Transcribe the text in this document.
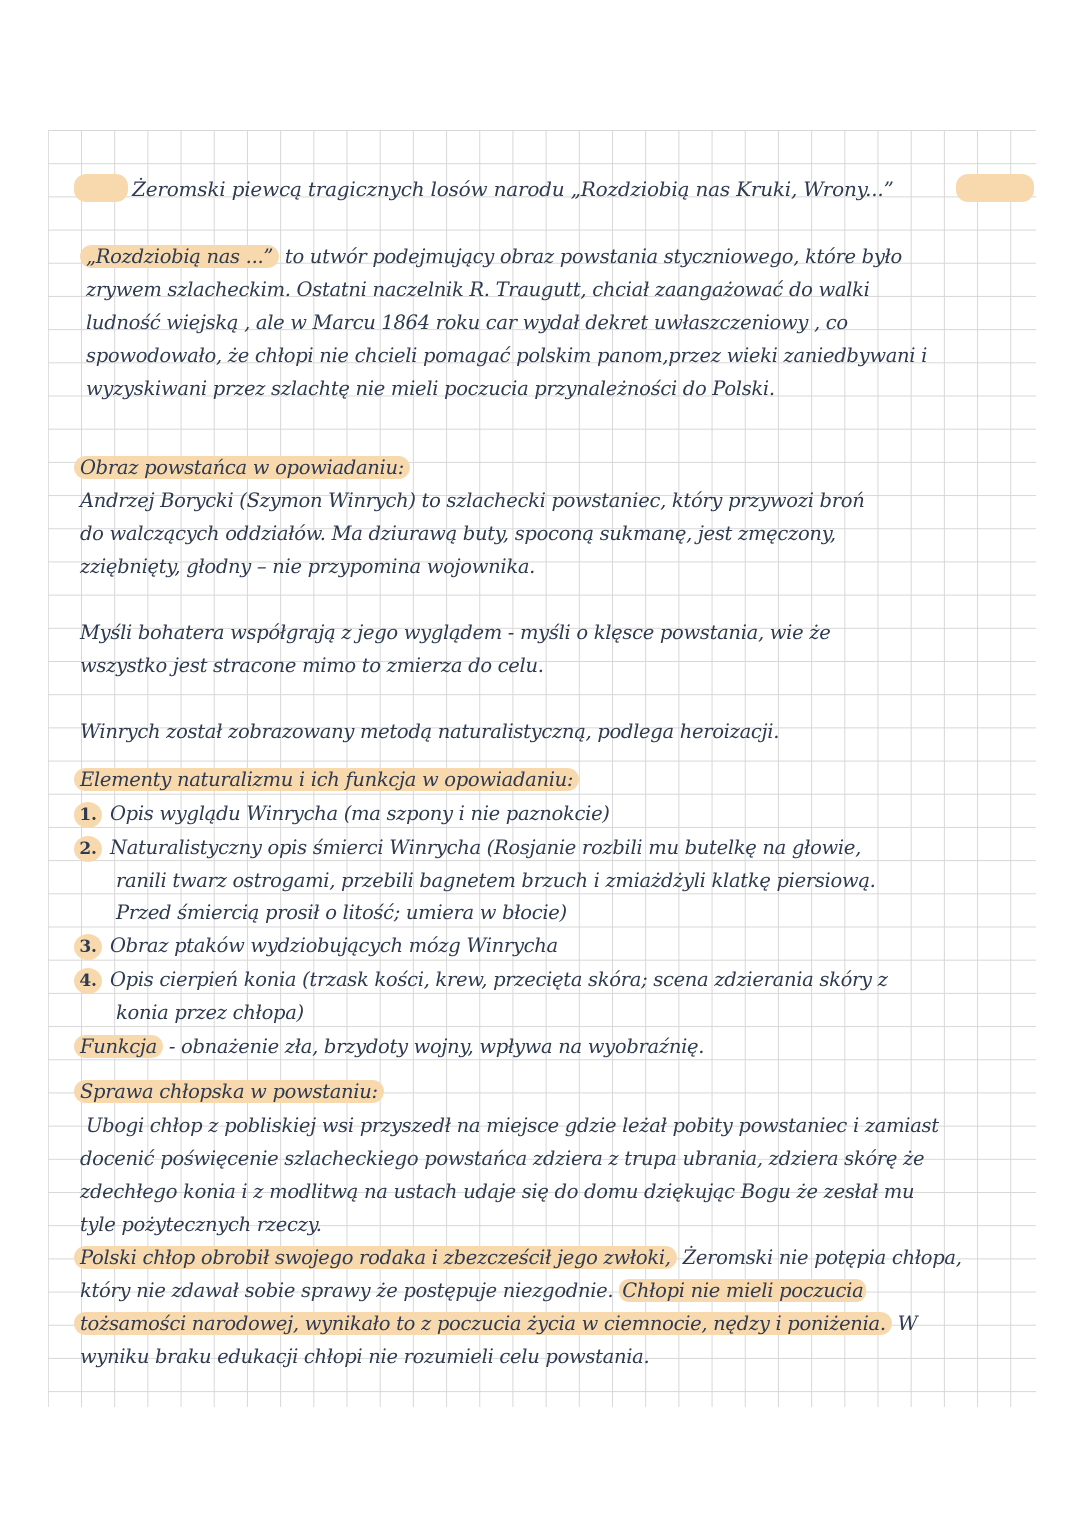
Żeromski piewcą tragicznych losów narodu „Rozdziobią nas Kruki, Wrony...”
„Rozdziobią nas ...” to utwór podejmujący obraz powstania styczniowego, które było
zrywem szlacheckim. Ostatni naczelnik R. Traugutt, chciał zaangażować do walki
ludność wiejską , ale w Marcu 1864 roku car wydał dekret uwłaszczeniowy , co
spowodowało, że chłopi nie chcieli pomagać polskim panom,przez wieki zaniedbywani i
wyzyskiwani przez szlachtę nie mieli poczucia przynależności do Polski.
Obraz powstańca w opowiadaniu:
Andrzej Borycki (Szymon Winrych) to szlachecki powstaniec, który przywozi broń
do walczących oddziałów. Ma dziurawą buty, spoconą sukmanę, jest zmęczony,
zziębnięty, głodny – nie przypomina wojownika.
Myśli bohatera współgrają z jego wyglądem - myśli o klęsce powstania, wie że
wszystko jest stracone mimo to zmierza do celu.
Winrych został zobrazowany metodą naturalistyczną, podlega heroizacji.
Elementy naturalizmu i ich funkcja w opowiadaniu:
1. Opis wyglądu Winrycha (ma szpony i nie paznokcie)
2. Naturalistyczny opis śmierci Winrycha (Rosjanie rozbili mu butelkę na głowie,
ranili twarz ostrogami, przebili bagnetem brzuch i zmiażdżyli klatkę piersiową.
Przed śmiercią prosił o litość; umiera w błocie)
3. Obraz ptaków wydziobujących mózg Winrycha
4. Opis cierpień konia (trzask kości, krew, przecięta skóra; scena zdzierania skóry z
konia przez chłopa)
Funkcja - obnażenie zła, brzydoty wojny, wpływa na wyobraźnię.
Sprawa chłopska w powstaniu:
Ubogi chłop z pobliskiej wsi przyszedł na miejsce gdzie leżał pobity powstaniec i zamiast
docenić poświęcenie szlacheckiego powstańca zdziera z trupa ubrania, zdziera skórę że
zdechłego konia i z modlitwą na ustach udaje się do domu dziękując Bogu że zesłał mu
tyle pożytecznych rzeczy.
Polski chłop obrobił swojego rodaka i zbezcześcił jego zwłoki, Żeromski nie potępia chłopa,
który nie zdawał sobie sprawy że postępuje niezgodnie. Chłopi nie mieli poczucia
tożsamości narodowej, wynikało to z poczucia życia w ciemnocie, nędzy i poniżenia. W
wyniku braku edukacji chłopi nie rozumieli celu powstania.
